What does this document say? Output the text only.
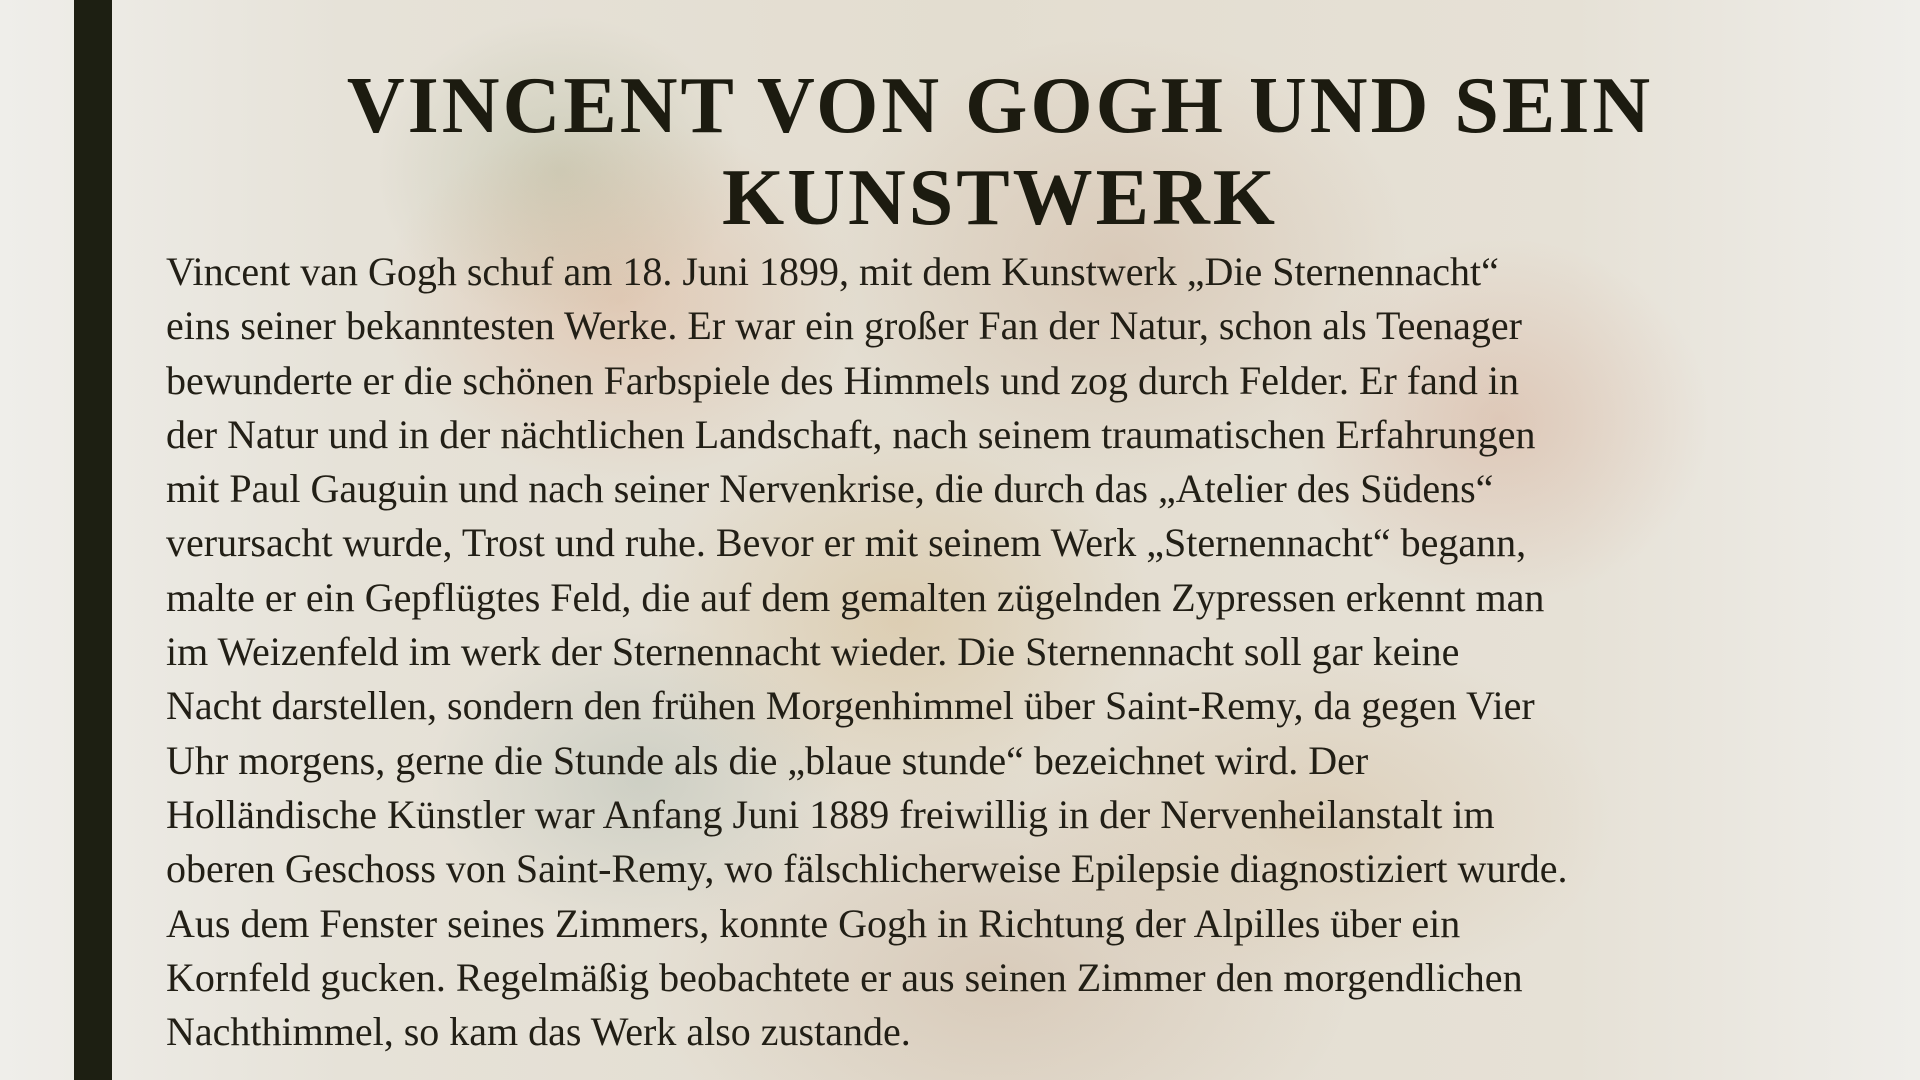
VINCENT VON GOGH UND SEIN
KUNSTWERK
Vincent van Gogh schuf am 18. Juni 1899, mit dem Kunstwerk „Die Sternennacht“
eins seiner bekanntesten Werke. Er war ein großer Fan der Natur, schon als Teenager
bewunderte er die schönen Farbspiele des Himmels und zog durch Felder. Er fand in
der Natur und in der nächtlichen Landschaft, nach seinem traumatischen Erfahrungen
mit Paul Gauguin und nach seiner Nervenkrise, die durch das „Atelier des Südens“
verursacht wurde, Trost und ruhe. Bevor er mit seinem Werk „Sternennacht“ begann,
malte er ein Gepflügtes Feld, die auf dem gemalten zügelnden Zypressen erkennt man
im Weizenfeld im werk der Sternennacht wieder. Die Sternennacht soll gar keine
Nacht darstellen, sondern den frühen Morgenhimmel über Saint-Remy, da gegen Vier
Uhr morgens, gerne die Stunde als die „blaue stunde“ bezeichnet wird. Der
Holländische Künstler war Anfang Juni 1889 freiwillig in der Nervenheilanstalt im
oberen Geschoss von Saint-Remy, wo fälschlicherweise Epilepsie diagnostiziert wurde.
Aus dem Fenster seines Zimmers, konnte Gogh in Richtung der Alpilles über ein
Kornfeld gucken. Regelmäßig beobachtete er aus seinen Zimmer den morgendlichen
Nachthimmel, so kam das Werk also zustande.
